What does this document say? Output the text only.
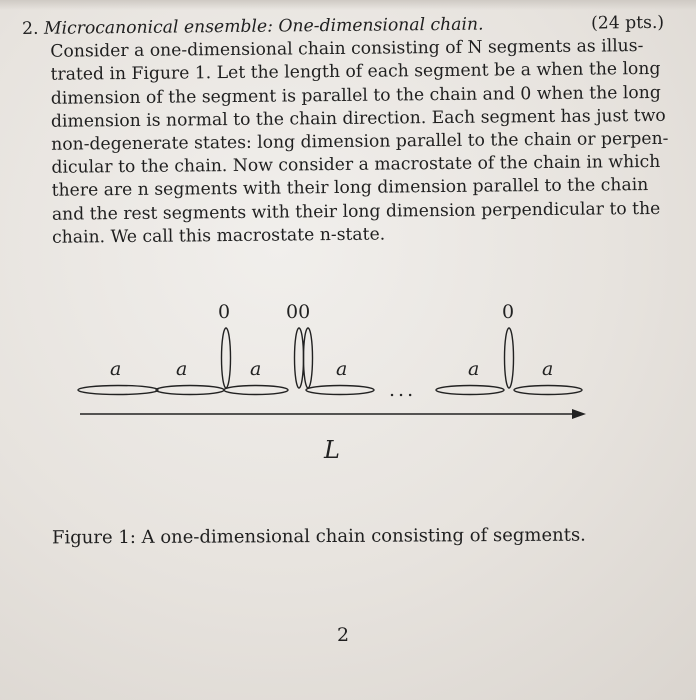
2. Microcanonical ensemble: One-dimensional chain.	(24 pts.)
Consider a one-dimensional chain consisting of N segments as illus-
trated in Figure 1. Let the length of each segment be a when the long
dimension of the segment is parallel to the chain and 0 when the long
dimension is normal to the chain direction. Each segment has just two
non-degenerate states: long dimension parallel to the chain or perpen-
dicular to the chain. Now consider a macrostate of the chain in which
there are n segments with their long dimension parallel to the chain
and the rest segments with their long dimension perpendicular to the
chain. We call this macrostate n-state.
0	00	0
a	a	a	a	a	a
...
L
Figure 1: A one-dimensional chain consisting of segments.
2
